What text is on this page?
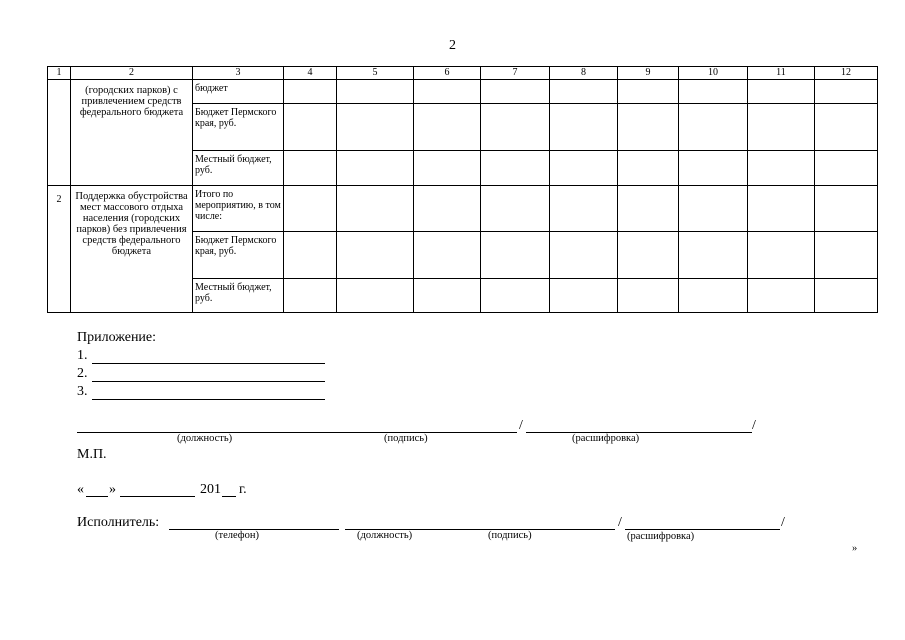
2
1	2	3	4	5	6	7	8	9	10	11	12
	(городских парков) с привлечением средств федерального бюджета	бюджет									
		Бюджет Пермского края, руб.									
		Местный бюджет, руб.									
2	Поддержка обустройства мест массового отдыха населения (городских парков) без привлечения средств федерального бюджета	Итого по мероприятию, в том числе:									
		Бюджет Пермского края, руб.									
		Местный бюджет, руб.									
Приложение:
1.
2.
3.
/	/
(должность)	(подпись)	(расшифровка)
М.П.
« »	201 г.
Исполнитель:	/	/
(телефон)	(должность)	(подпись)	(расшифровка)
»
